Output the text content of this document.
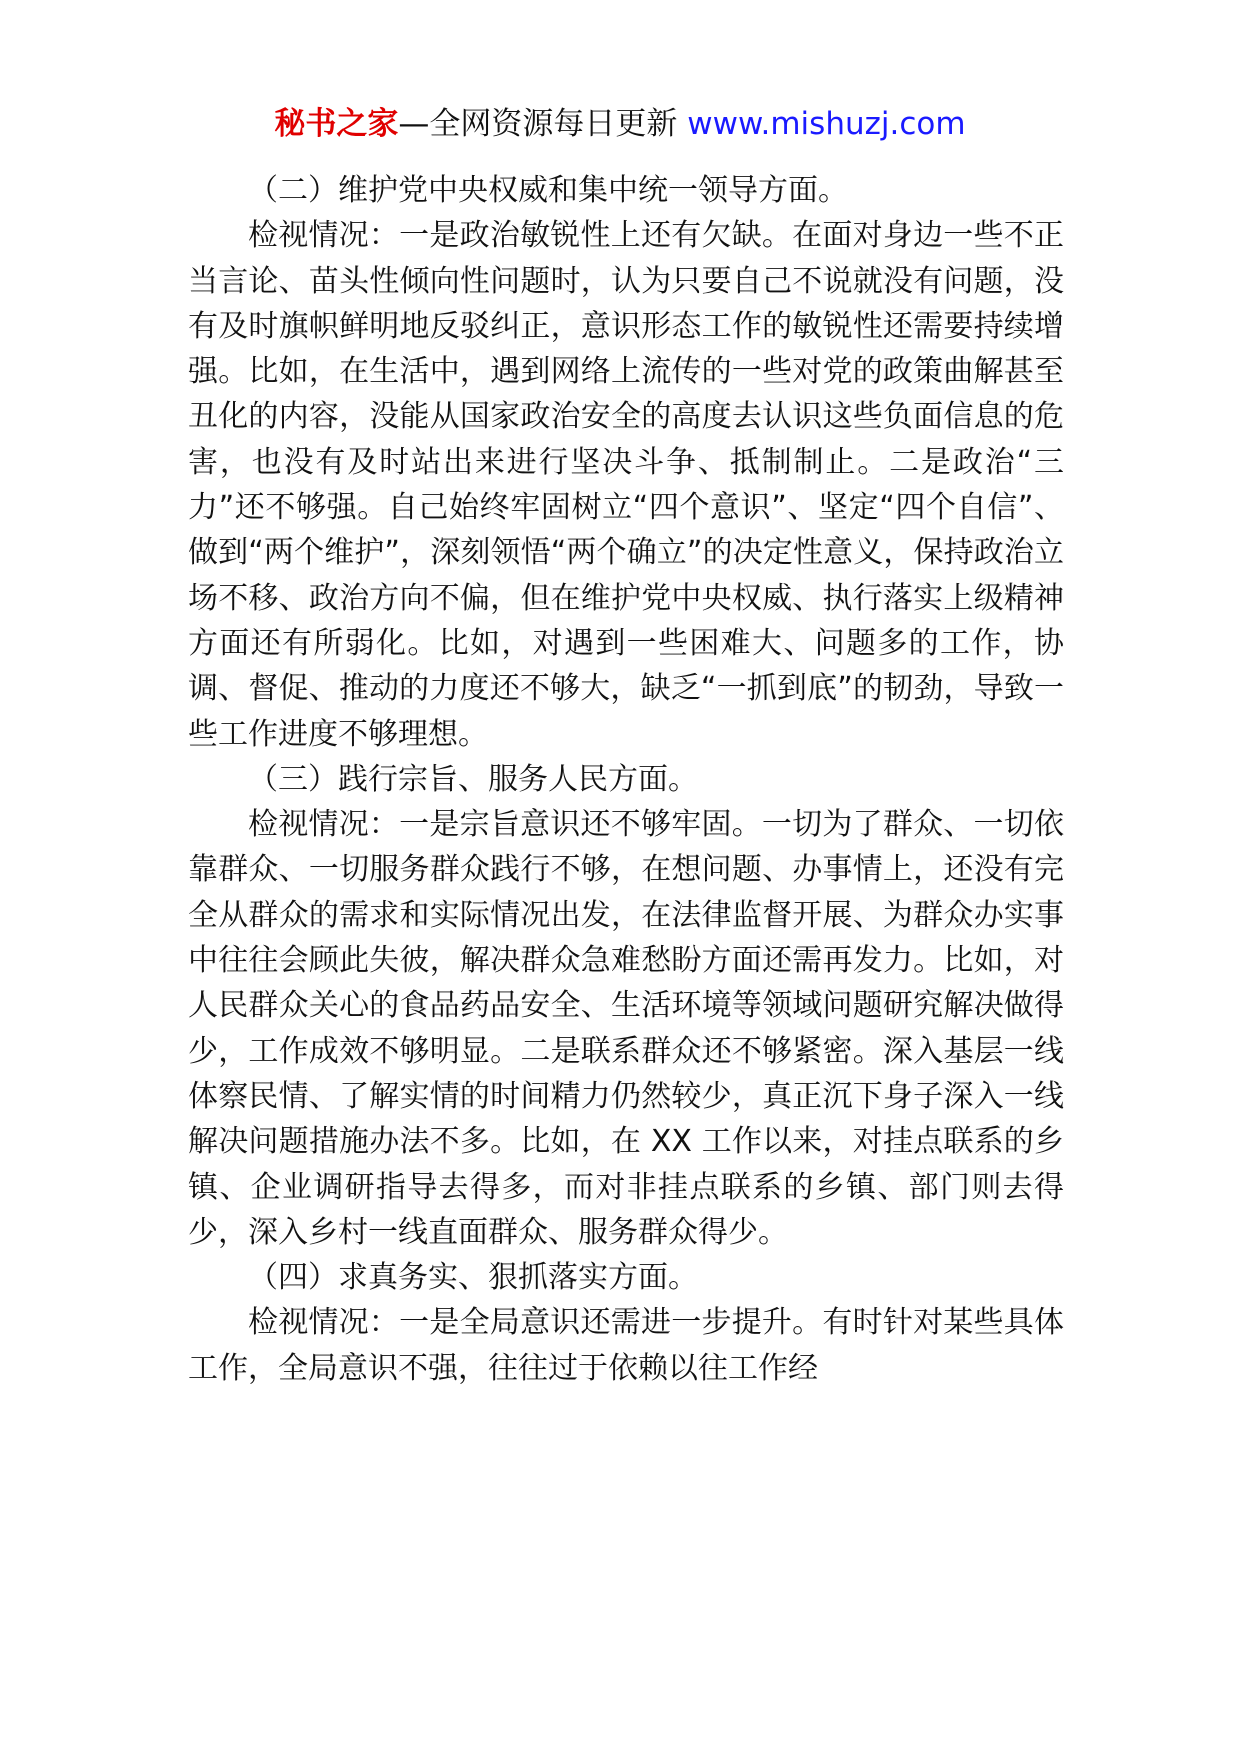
秘书之家—全网资源每日更新 www.mishuzj.com

（二）维护党中央权威和集中统一领导方面。

检视情况：一是政治敏锐性上还有欠缺。在面对身边一些不正当言论、苗头性倾向性问题时，认为只要自己不说就没有问题，没有及时旗帜鲜明地反驳纠正，意识形态工作的敏锐性还需要持续增强。比如，在生活中，遇到网络上流传的一些对党的政策曲解甚至丑化的内容，没能从国家政治安全的高度去认识这些负面信息的危害，也没有及时站出来进行坚决斗争、抵制制止。二是政治“三力”还不够强。自己始终牢固树立“四个意识”、坚定“四个自信”、做到“两个维护”，深刻领悟“两个确立”的决定性意义，保持政治立场不移、政治方向不偏，但在维护党中央权威、执行落实上级精神方面还有所弱化。比如，对遇到一些困难大、问题多的工作，协调、督促、推动的力度还不够大，缺乏“一抓到底”的韧劲，导致一些工作进度不够理想。

（三）践行宗旨、服务人民方面。

检视情况：一是宗旨意识还不够牢固。一切为了群众、一切依靠群众、一切服务群众践行不够，在想问题、办事情上，还没有完全从群众的需求和实际情况出发，在法律监督开展、为群众办实事中往往会顾此失彼，解决群众急难愁盼方面还需再发力。比如，对人民群众关心的食品药品安全、生活环境等领域问题研究解决做得少，工作成效不够明显。二是联系群众还不够紧密。深入基层一线体察民情、了解实情的时间精力仍然较少，真正沉下身子深入一线解决问题措施办法不多。比如，在 XX 工作以来，对挂点联系的乡镇、企业调研指导去得多，而对非挂点联系的乡镇、部门则去得少，深入乡村一线直面群众、服务群众得少。

（四）求真务实、狠抓落实方面。

检视情况：一是全局意识还需进一步提升。有时针对某些具体工作，全局意识不强，往往过于依赖以往工作经
